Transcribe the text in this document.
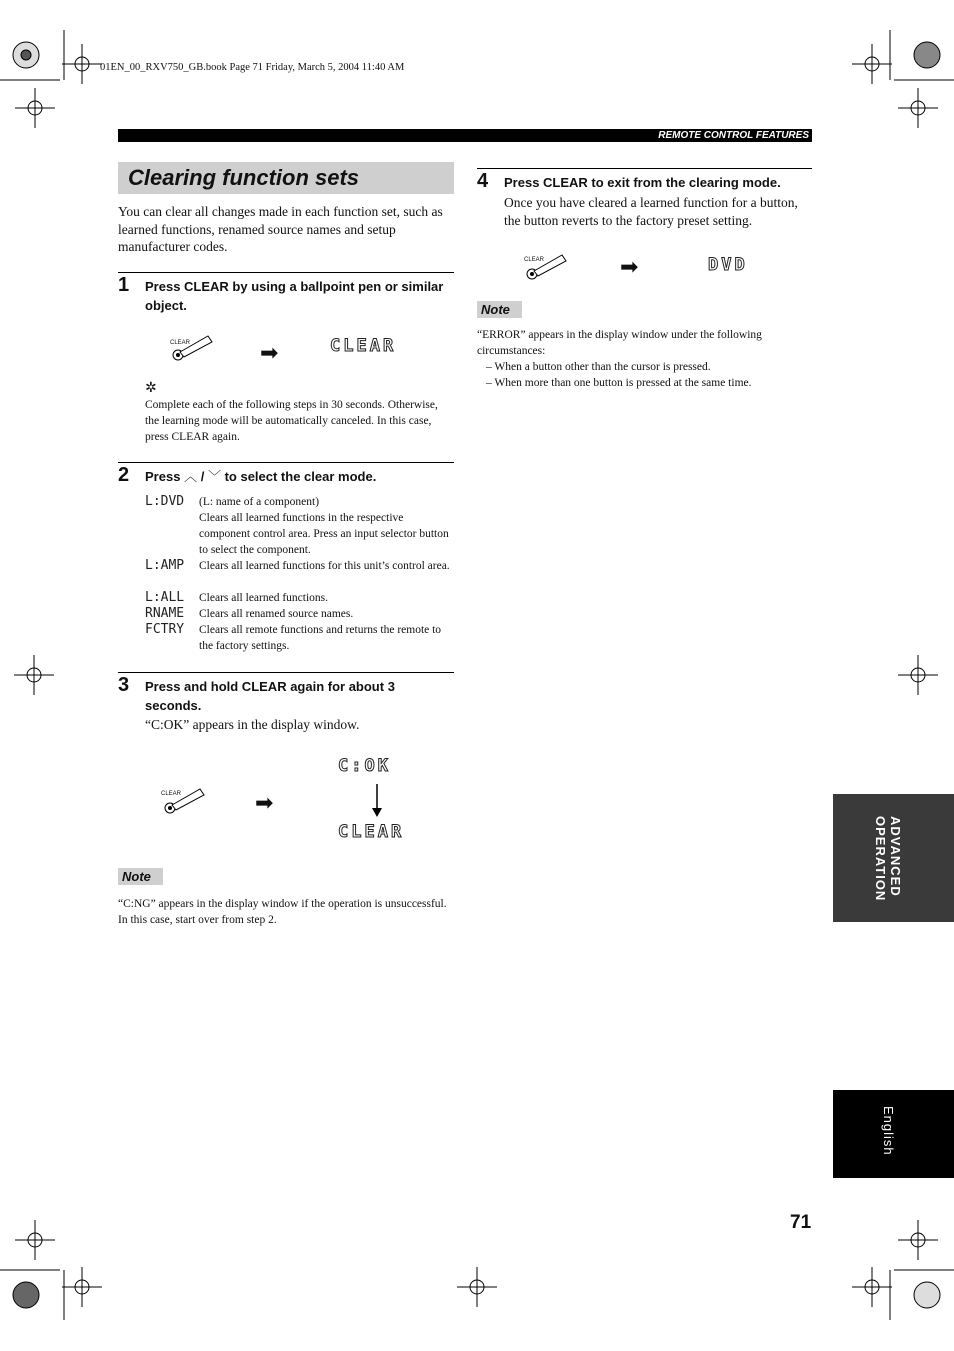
01EN_00_RXV750_GB.book Page 71 Friday, March 5, 2004 11:40 AM
REMOTE CONTROL FEATURES
Clearing function sets
You can clear all changes made in each function set, such as learned functions, renamed source names and setup manufacturer codes.
1 Press CLEAR by using a ballpoint pen or similar object.
CLEAR	➡	CLEAR
✲
Complete each of the following steps in 30 seconds. Otherwise, the learning mode will be automatically canceled. In this case, press CLEAR again.
2 Press ︿ / ﹀ to select the clear mode.
L:DVD (L: name of a component)
Clears all learned functions in the respective component control area. Press an input selector button to select the component.
L:AMP Clears all learned functions for this unit’s control area.
L:ALL Clears all learned functions.
RNAME Clears all renamed source names.
FCTRY Clears all remote functions and returns the remote to the factory settings.
3 Press and hold CLEAR again for about 3 seconds.
“C:OK” appears in the display window.
CLEAR	➡
C:OK
CLEAR
Note
“C:NG” appears in the display window if the operation is unsuccessful. In this case, start over from step 2.
4 Press CLEAR to exit from the clearing mode.
Once you have cleared a learned function for a button, the button reverts to the factory preset setting.
CLEAR	➡	DVD
Note
“ERROR” appears in the display window under the following circumstances:
– When a button other than the cursor is pressed.
– When more than one button is pressed at the same time.
ADVANCED OPERATION
English
71
